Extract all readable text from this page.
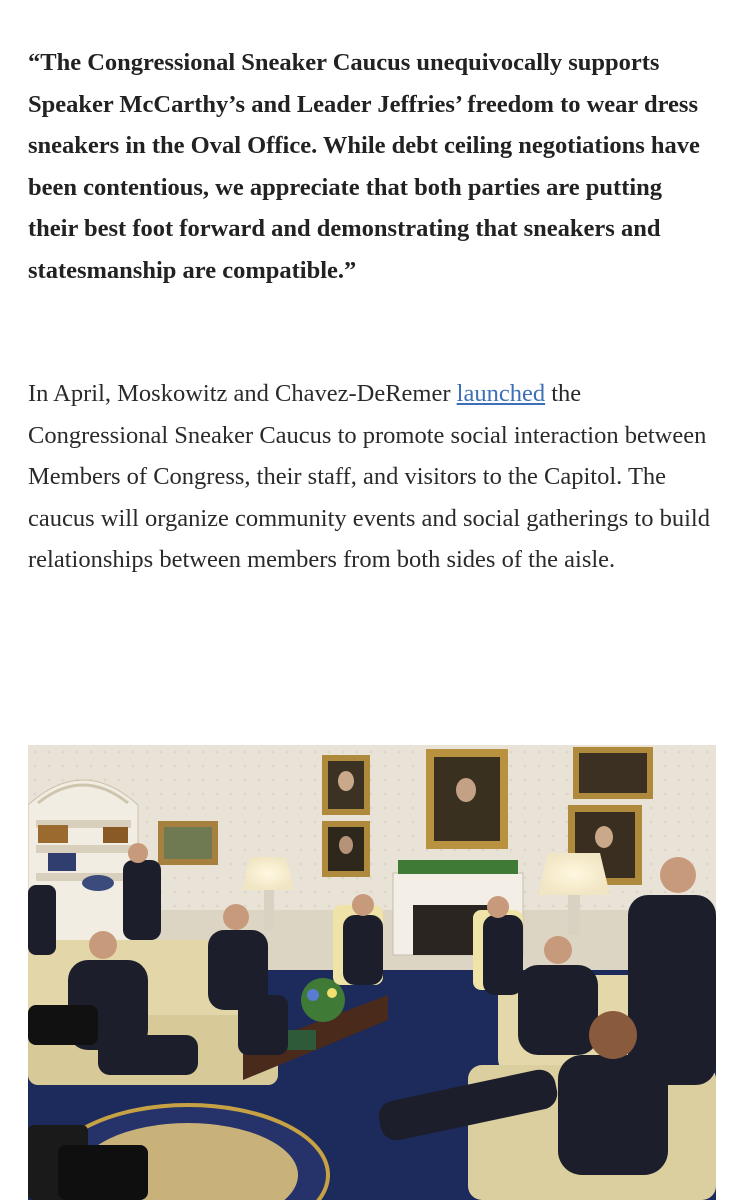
“The Congressional Sneaker Caucus unequivocally supports Speaker McCarthy’s and Leader Jeffries’ freedom to wear dress sneakers in the Oval Office. While debt ceiling negotiations have been contentious, we appreciate that both parties are putting their best foot forward and demonstrating that sneakers and statesmanship are compatible.”

In April, Moskowitz and Chavez-DeRemer launched the Congressional Sneaker Caucus to promote social interaction between Members of Congress, their staff, and visitors to the Capitol. The caucus will organize community events and social gatherings to build relationships between members from both sides of the aisle.
